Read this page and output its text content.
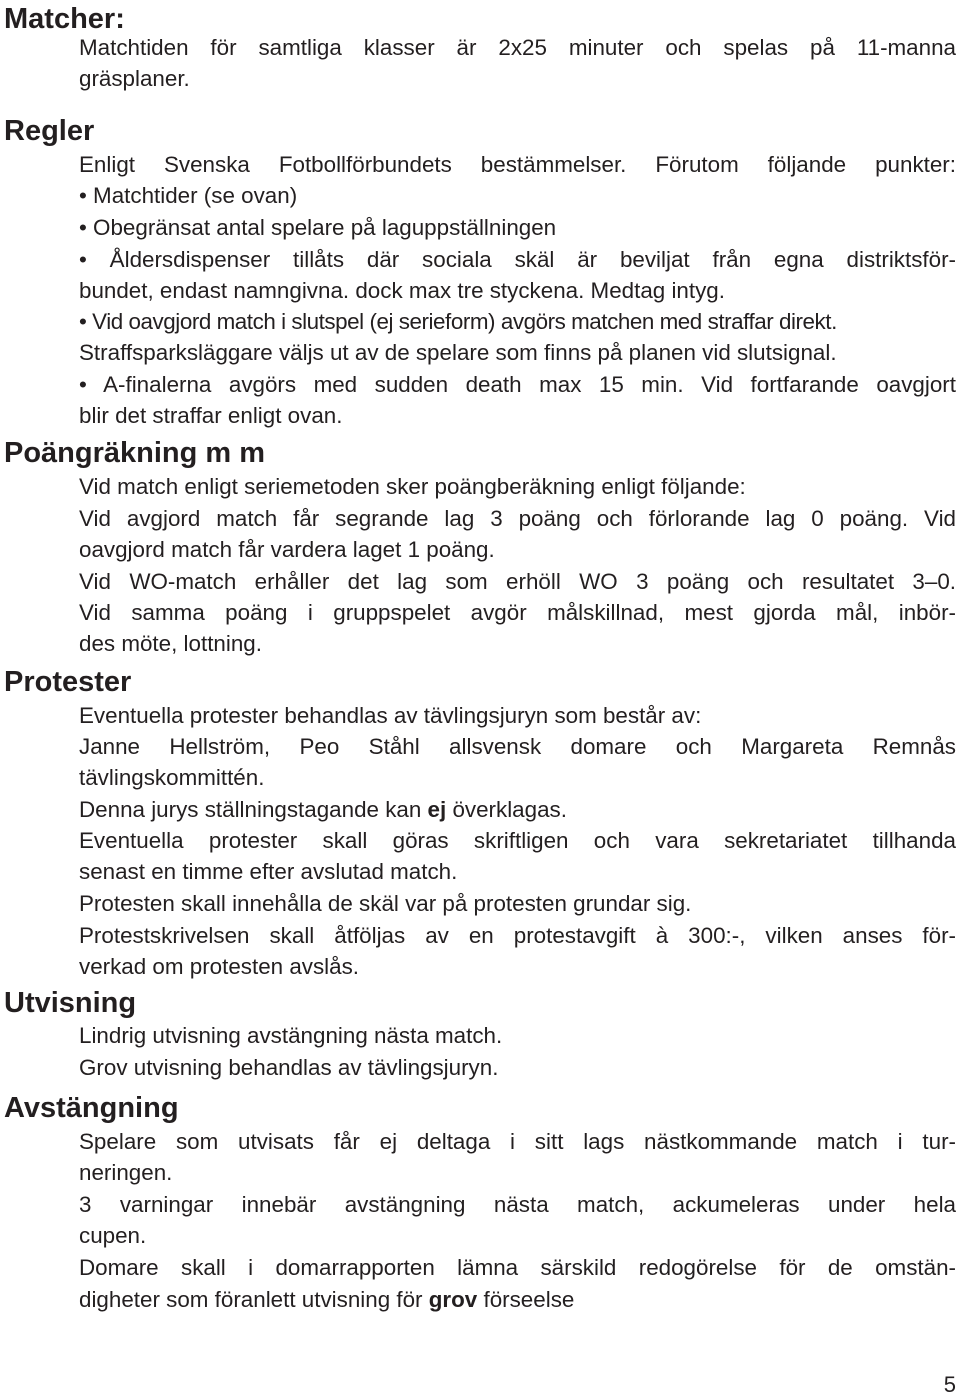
Matcher:

Matchtiden för samtliga klasser är 2x25 minuter och spelas på 11-manna

gräsplaner.

Regler

Enligt Svenska Fotbollförbundets bestämmelser. Förutom följande punkter:

• Matchtider (se ovan)

• Obegränsat antal spelare på laguppställningen

• Åldersdispenser tillåts där sociala skäl är beviljat från egna distriktsför-

bundet, endast namngivna. dock max tre styckena. Medtag intyg.

• Vid oavgjord match i slutspel (ej serieform) avgörs matchen med straffar direkt.

Straffsparksläggare väljs ut av de spelare som finns på planen vid slutsignal.

• A-finalerna avgörs med sudden death max 15 min. Vid fortfarande oavgjort

blir det straffar enligt ovan.

Poängräkning m m

Vid match enligt seriemetoden sker poängberäkning enligt följande:

Vid avgjord match får segrande lag 3 poäng och förlorande lag 0 poäng. Vid

oavgjord match får vardera laget 1 poäng.

Vid WO-match erhåller det lag som erhöll WO 3 poäng och resultatet 3–0.

Vid samma poäng i gruppspelet avgör målskillnad, mest gjorda mål, inbör-

des möte, lottning.

Protester

Eventuella protester behandlas av tävlingsjuryn som består av:

Janne Hellström, Peo Ståhl allsvensk domare och Margareta Remnås

tävlingskommittén.

Denna jurys ställningstagande kan ej överklagas.

Eventuella protester skall göras skriftligen och vara sekretariatet tillhanda

senast en timme efter avslutad match.

Protesten skall innehålla de skäl var på protesten grundar sig.

Protestskrivelsen skall åtföljas av en protestavgift à 300:-, vilken anses för-

verkad om protesten avslås.

Utvisning

Lindrig utvisning avstängning nästa match.

Grov utvisning behandlas av tävlingsjuryn.

Avstängning

Spelare som utvisats får ej deltaga i sitt lags nästkommande match i tur-

neringen.

3 varningar innebär avstängning nästa match, ackumeleras under hela

cupen.

Domare skall i domarrapporten lämna särskild redogörelse för de omstän-

digheter som föranlett utvisning för grov förseelse

5
